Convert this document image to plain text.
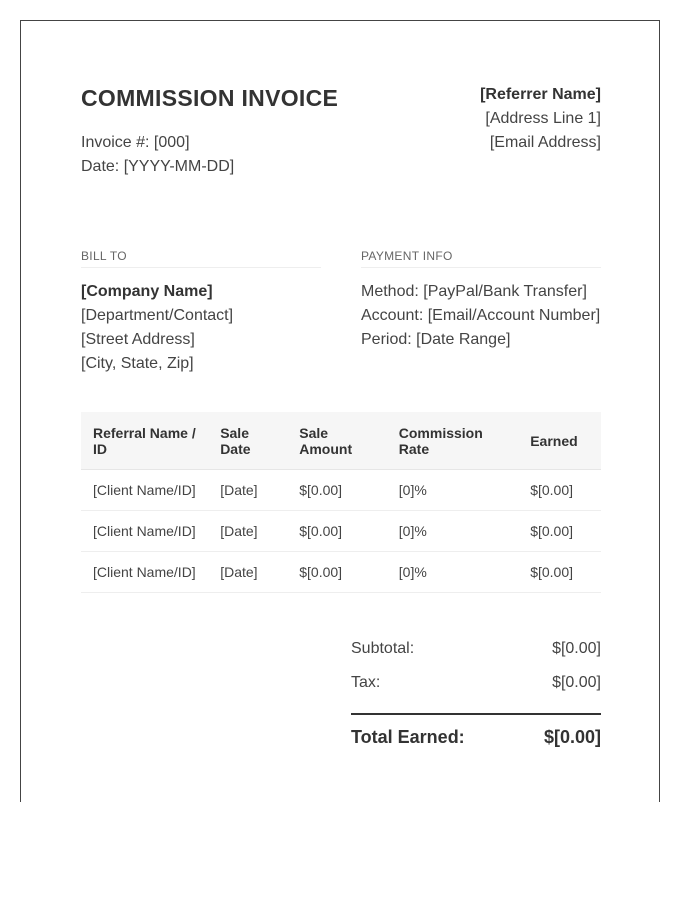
COMMISSION INVOICE
Invoice #: [000]
Date: [YYYY-MM-DD]
[Referrer Name]
[Address Line 1]
[Email Address]
BILL TO
[Company Name]
[Department/Contact]
[Street Address]
[City, State, Zip]
PAYMENT INFO
Method: [PayPal/Bank Transfer]
Account: [Email/Account Number]
Period: [Date Range]
Referral Name / ID	Sale Date	Sale Amount	Commission Rate	Earned
[Client Name/ID]	[Date]	$[0.00]	[0]%	$[0.00]
[Client Name/ID]	[Date]	$[0.00]	[0]%	$[0.00]
[Client Name/ID]	[Date]	$[0.00]	[0]%	$[0.00]
Subtotal:	$[0.00]
Tax:	$[0.00]
Total Earned:	$[0.00]
